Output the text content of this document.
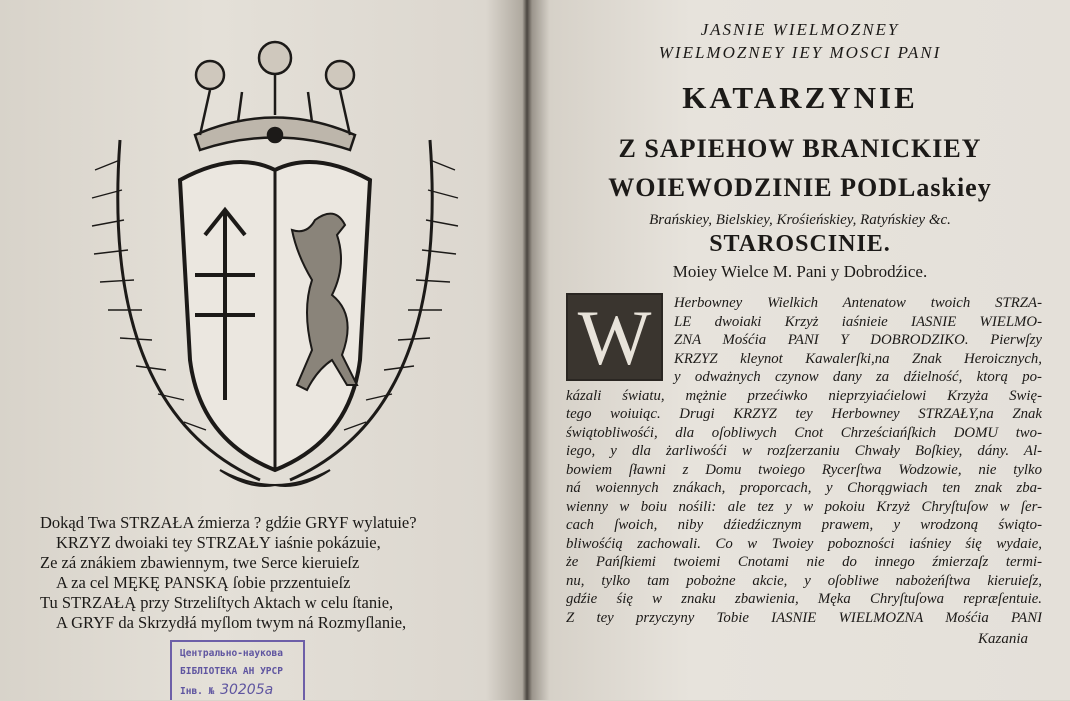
Dokąd Twa STRZAŁA źmierza ? gdźie GRYF wylatuie?
KRZYZ dwoiaki tey STRZAŁY iaśnie pokázuie,
Ze zá znákiem zbawiennym, twe Serce kieruieſz
A za cel MĘKĘ PANSKĄ ſobie przzentuieſz
Tu STRZAŁĄ przy Strzeliſtych Aktach w celu ſtanie,
A GRYF da Skrzydłá myſlom twym ná Rozmyſlanie,
Центрально-наукова
БІБЛІОТЕКА АН УРСР
Інв. № 30205а
JASNIE WIELMOZNEY
WIELMOZNEY IEY MOSCI PANI
KATARZYNIE
Z SAPIEHOW BRANICKIEY
WOIEWODZINIE PODLaskiey
Brańskiey, Bielskiey, Krośieńskiey, Ratyńskiey &c.
STAROSCINIE.
Moiey Wielce M. Pani y Dobrodźice.
W	Herbowney Wielkich Antenatow twoich STRZA-
LE dwoiaki Krzyż iaśnieie IASNIE WIELMO-
ZNA Mośćia PANI Y DOBRODZIKO. Pierwſzy
KRZYZ kleynot Kawalerſki,na Znak Heroicznych,
y odważnych czynow dany za dźielność, ktorą po-
kázali światu, mężnie przećiwko nieprzyiaćielowi Krzyża Swię-
tego woiuiąc. Drugi KRZYZ tey Herbowney STRZAŁY,na Znak
świątobliwośći, dla oſobliwych Cnot Chrześciańſkich DOMU two-
iego, y dla żarliwośći w rozſzerzaniu Chwały Boſkiey, dány. Al-
bowiem ſławni z Domu twoiego Rycerſtwa Wodzowie, nie tylko
ná woiennych znákach, proporcach, y Chorągwiach ten znak zba-
wienny w boiu nośili: ale tez y w pokoiu Krzyż Chryſtuſow w ſer-
cach ſwoich, niby dźiedźicznym prawem, y wrodzoną świąto-
bliwośćią zachowali. Co w Twoiey pobozności iaśniey śię wydaie,
że Pańſkiemi twoiemi Cnotami nie do innego źmierzaſz termi-
nu, tylko tam pobożne akcie, y oſobliwe nabożeńſtwa kieruieſz,
gdźie śię w znaku zbawienia, Męka Chryſtuſowa repræſentuie.
Z tey przyczyny Tobie IASNIE WIELMOZNA Mośćia PANI
Kazania
